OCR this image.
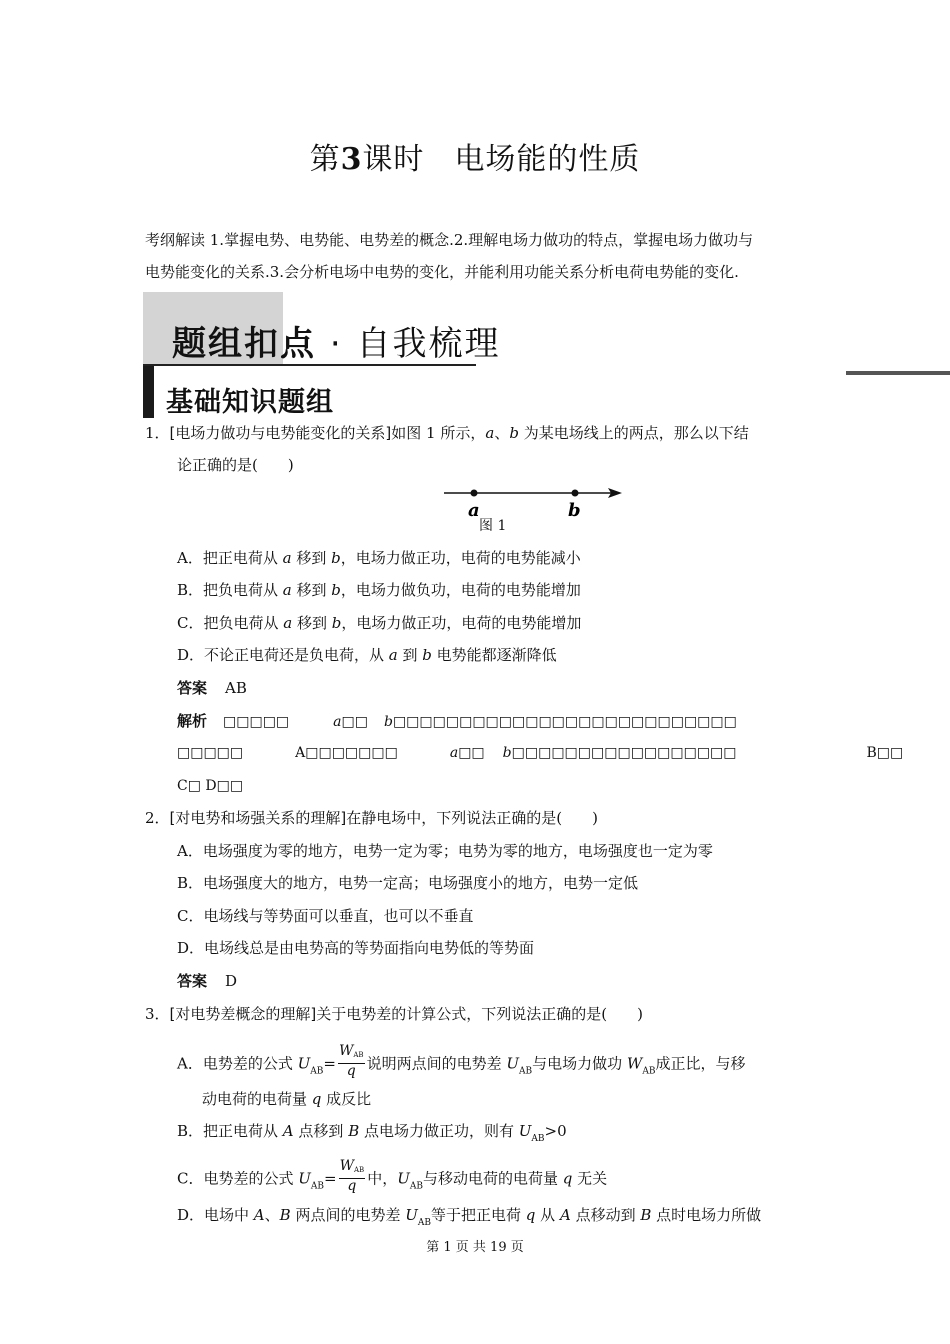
第3课时 电场能的性质
考纲解读 1.掌握电势、电势能、电势差的概念.2.理解电场力做功的特点，掌握电场力做功与
电势能变化的关系.3.会分析电场中电势的变化，并能利用功能关系分析电荷电势能的变化.
题组扣点 · 自我梳理
基础知识题组
1．[电场力做功与电势能变化的关系]如图 1 所示，a、b 为某电场线上的两点，那么以下结
论正确的是(　　)
a	b
图 1
A．把正电荷从 a 移到 b，电场力做正功，电荷的电势能减小
B．把负电荷从 a 移到 b，电场力做负功，电荷的电势能增加
C．把负电荷从 a 移到 b，电场力做正功，电荷的电势能增加
D．不论正电荷还是负电荷，从 a 到 b 电势能都逐渐降低
答案 AB
解析 □□□□□	a□□ b□□□□□□□□□□□□□□□□□□□□□□□□□□
□□□□□	A□□□□□□□	a□□ b□□□□□□□□□□□□□□□□□	B□□
C□ D□□
2．[对电势和场强关系的理解]在静电场中，下列说法正确的是(　　)
A．电场强度为零的地方，电势一定为零；电势为零的地方，电场强度也一定为零
B．电场强度大的地方，电势一定高；电场强度小的地方，电势一定低
C．电场线与等势面可以垂直，也可以不垂直
D．电场线总是由电势高的等势面指向电势低的等势面
答案 D
3．[对电势差概念的理解]关于电势差的计算公式，下列说法正确的是(　　)
A．电势差的公式 $U_{AB}= \frac{W_{AB}}{q}$ 说明两点间的电势差 $U_{AB}$与电场力做功 $W_{AB}$成正比，与移
动电荷的电荷量 q 成反比
B．把正电荷从 A 点移到 B 点电场力做正功，则有 $U_{AB}>0$
C．电势差的公式 $U_{AB}= \frac{W_{AB}}{q}$ 中，$U_{AB}$与移动电荷的电荷量 q 无关
D．电场中 A、B 两点间的电势差 $U_{AB}$等于把正电荷 q 从 A 点移动到 B 点时电场力所做
第 1 页 共 19 页
